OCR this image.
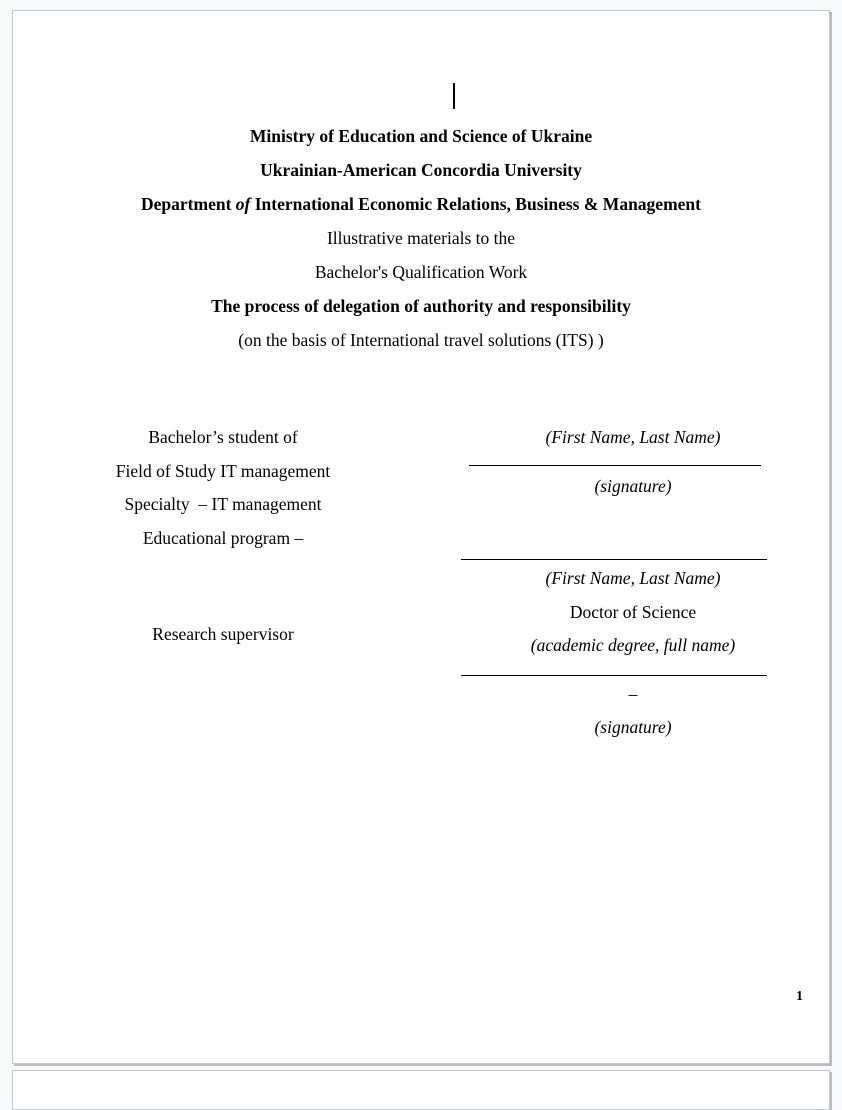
Ministry of Education and Science of Ukraine
Ukrainian-American Concordia University
Department of International Economic Relations, Business & Management
Illustrative materials to the
Bachelor's Qualification Work
The process of delegation of authority and responsibility
(on the basis of International travel solutions (ITS) )
Bachelor’s student of
Field of Study IT management
Specialty  – IT management
Educational program –
Research supervisor
(First Name, Last Name)
(signature)
(First Name, Last Name)
Doctor of Science
(academic degree, full name)
–
(signature)
1
